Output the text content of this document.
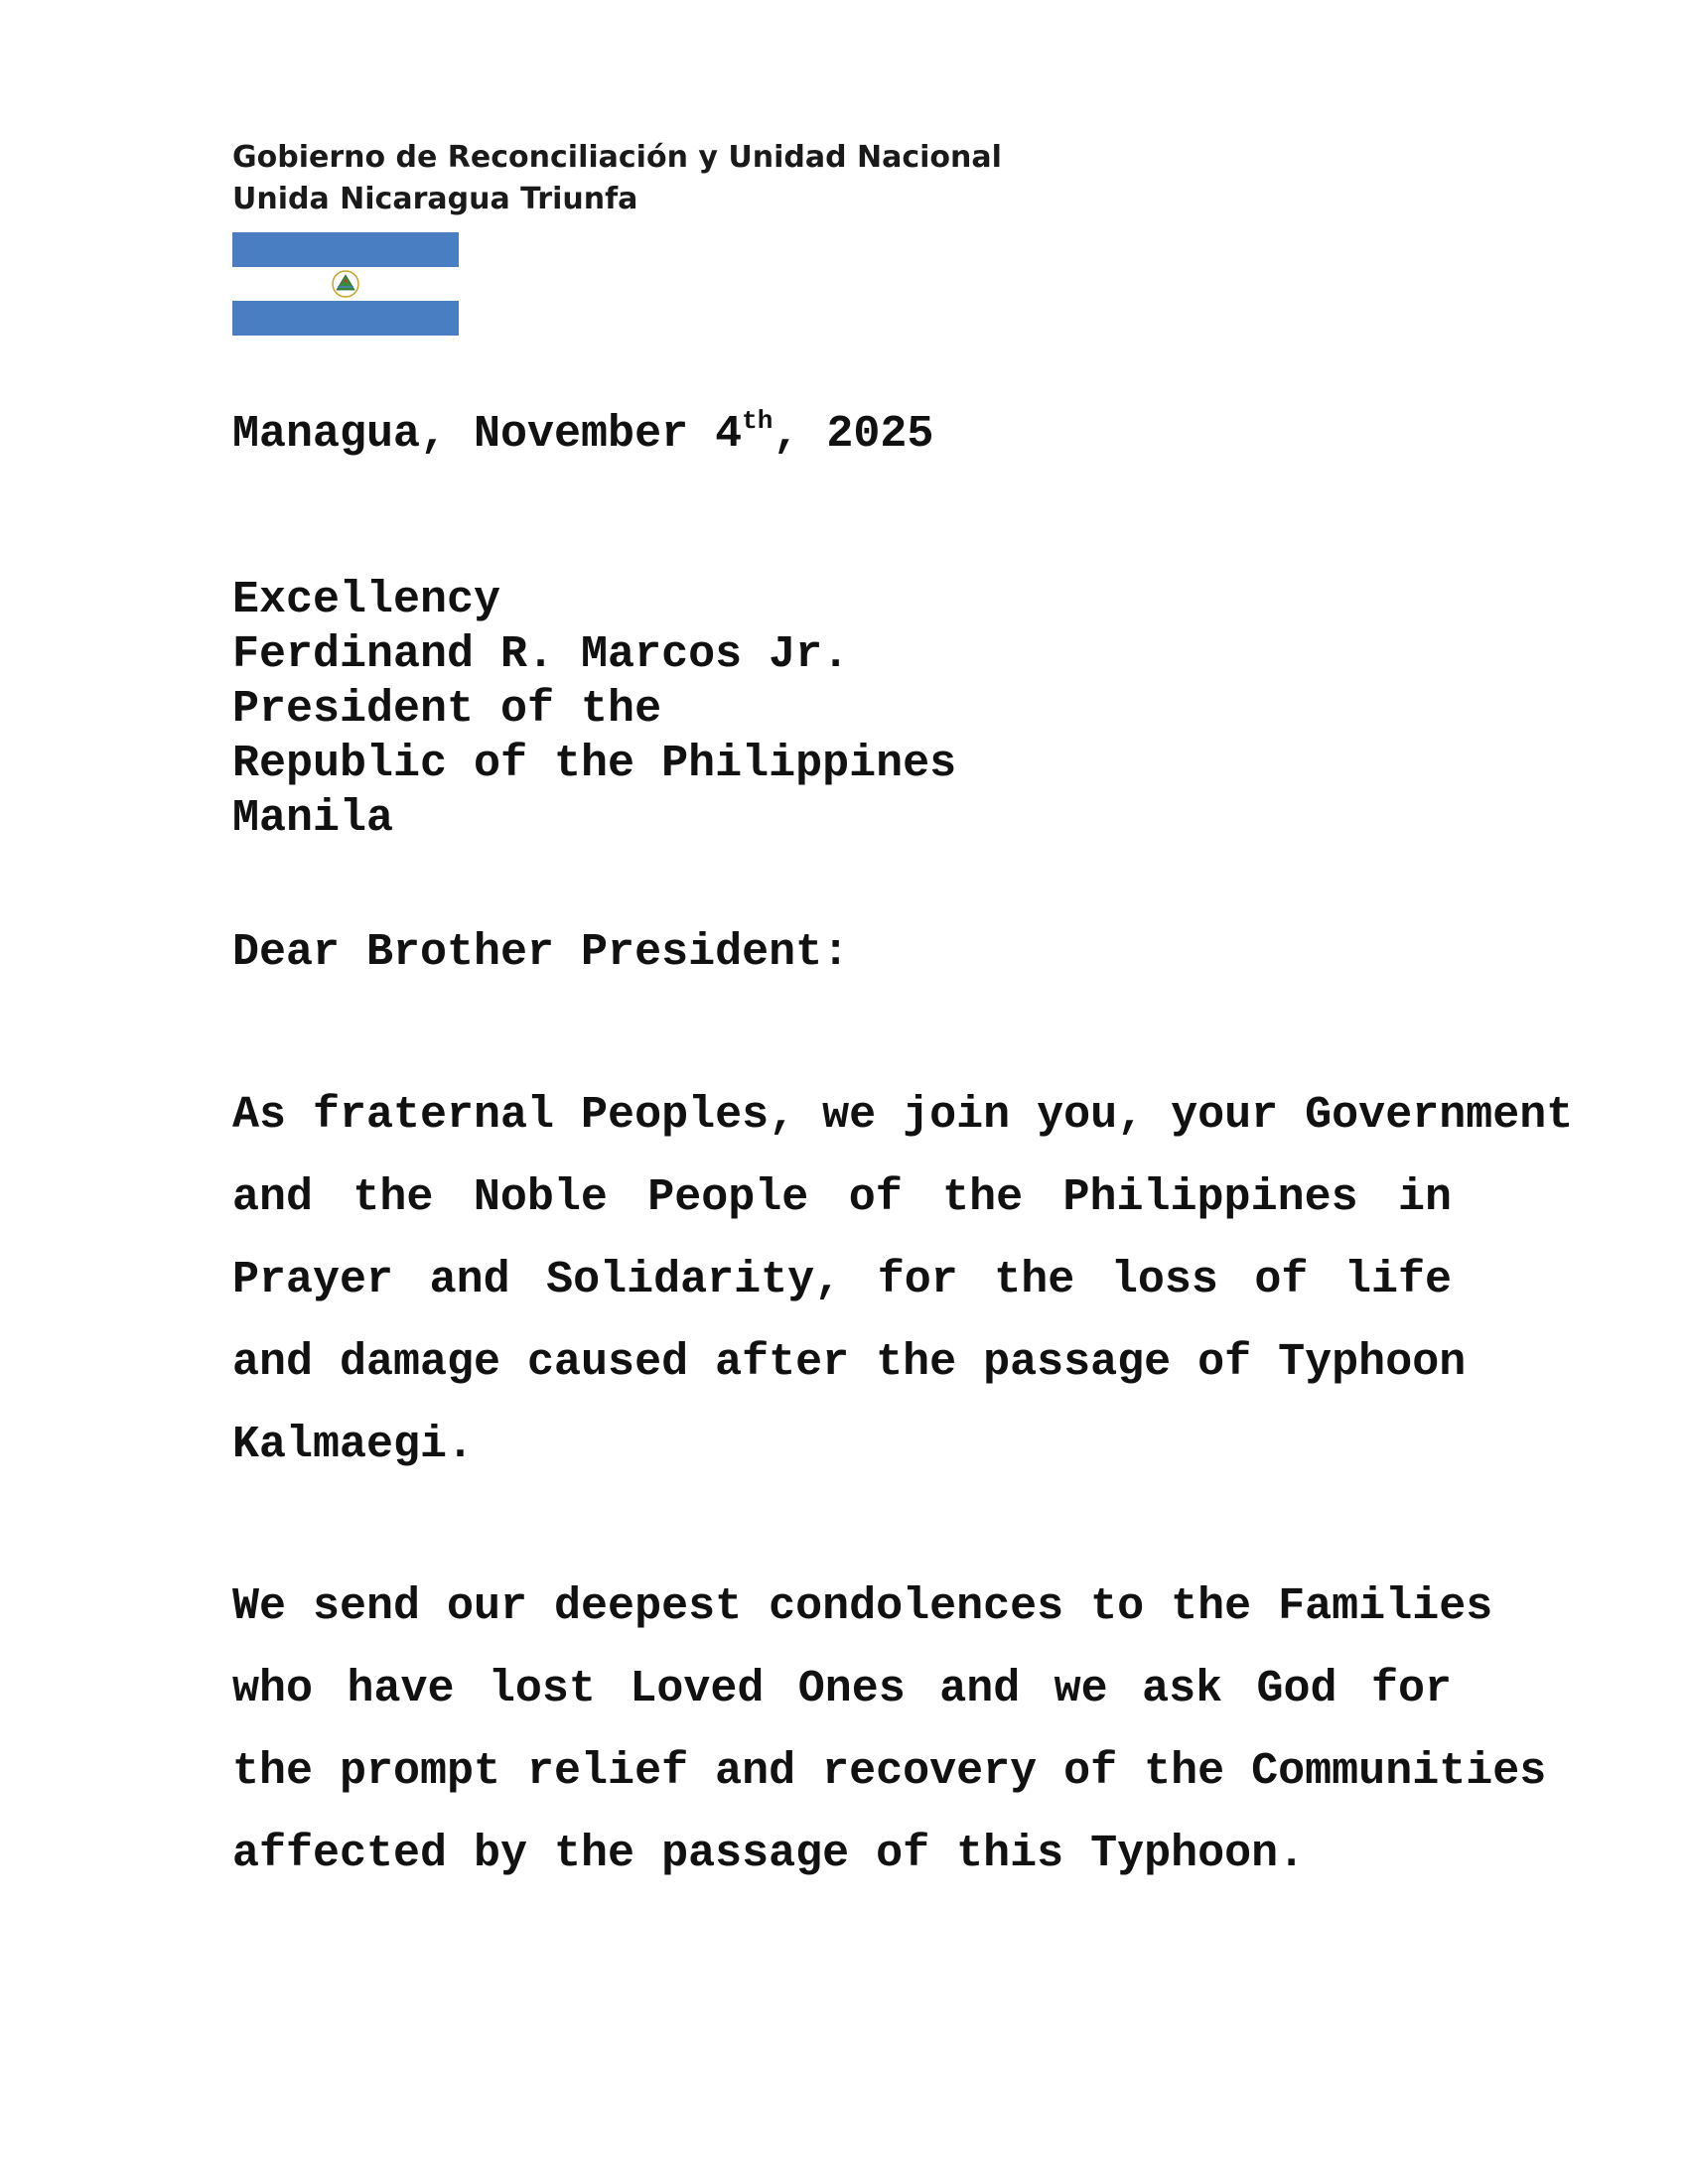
Gobierno de Reconciliación y Unidad Nacional
Unida Nicaragua Triunfa
Managua, November 4th, 2025
Excellency
Ferdinand R. Marcos Jr.
President of the
Republic of the Philippines
Manila
Dear Brother President:
As fraternal Peoples, we join you, your Government
and the Noble People of the Philippines in
Prayer and Solidarity, for the loss of life
and damage caused after the passage of Typhoon
Kalmaegi.
We send our deepest condolences to the Families
who have lost Loved Ones and we ask God for
the prompt relief and recovery of the Communities
affected by the passage of this Typhoon.
